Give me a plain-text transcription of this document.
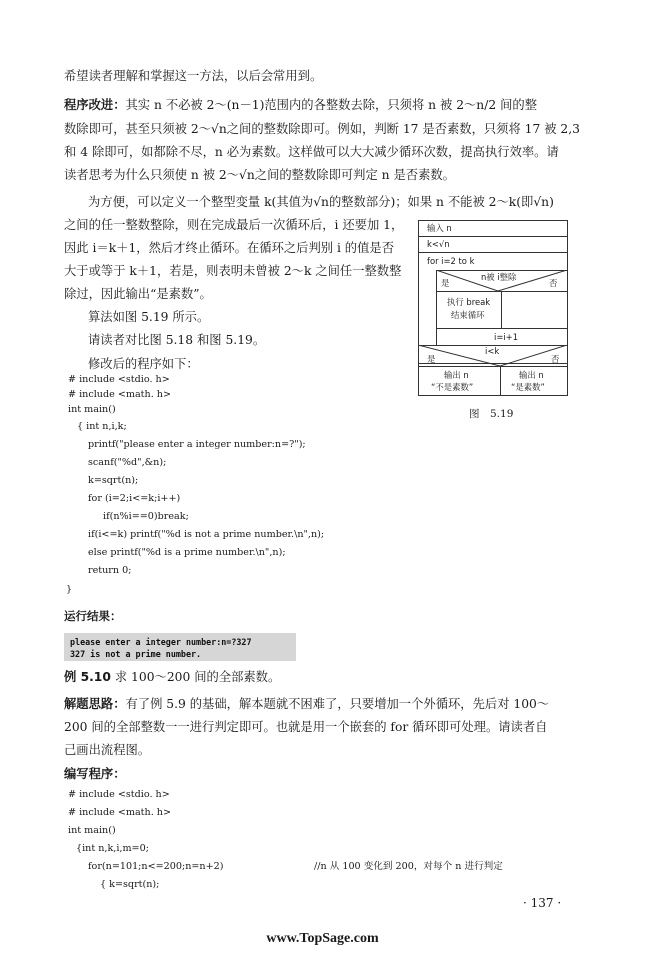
希望读者理解和掌握这一方法，以后会常用到。
程序改进：其实 n 不必被 2～(n－1)范围内的各整数去除，只须将 n 被 2～n/2 间的整
数除即可，甚至只须被 2～√n之间的整数除即可。例如，判断 17 是否素数，只须将 17 被 2,3
和 4 除即可，如都除不尽，n 必为素数。这样做可以大大减少循环次数，提高执行效率。请
读者思考为什么只须使 n 被 2～√n之间的整数除即可判定 n 是否素数。
为方便，可以定义一个整型变量 k(其值为√n的整数部分)；如果 n 不能被 2～k(即√n)
之间的任一整数整除，则在完成最后一次循环后，i 还要加 1，
因此 i＝k＋1，然后才终止循环。在循环之后判别 i 的值是否
大于或等于 k＋1，若是，则表明未曾被 2～k 之间任一整数整
除过，因此输出“是素数”。
算法如图 5.19 所示。
请读者对比图 5.18 和图 5.19。
修改后的程序如下：
# include <stdio. h>
# include <math. h>
int main()
{ int n,i,k;
printf("please enter a integer number:n=?");
scanf("%d",&n);
k=sqrt(n);
for (i=2;i<=k;i++)
if(n%i==0)break;
if(i<=k) printf("%d is not a prime number.\n",n);
else printf("%d is a prime number.\n",n);
return 0;
}
输入 n
k<√n
for i=2 to k
是
n被 i整除
否
执行 break
结束循环
i=i+1
是
i<k
否
输出 n
“不是素数”
输出 n
“是素数”
图　5.19
运行结果：
please enter a integer number:n=?327
327 is not a prime number.
例 5.10 求 100～200 间的全部素数。
解题思路：有了例 5.9 的基础，解本题就不困难了，只要增加一个外循环，先后对 100～
200 间的全部整数一一进行判定即可。也就是用一个嵌套的 for 循环即可处理。请读者自
己画出流程图。
编写程序：
# include <stdio. h>
# include <math. h>
int main()
{int n,k,i,m=0;
for(n=101;n<=200;n=n+2)	//n 从 100 变化到 200，对每个 n 进行判定
{ k=sqrt(n);
· 137 ·
www.TopSage.com
